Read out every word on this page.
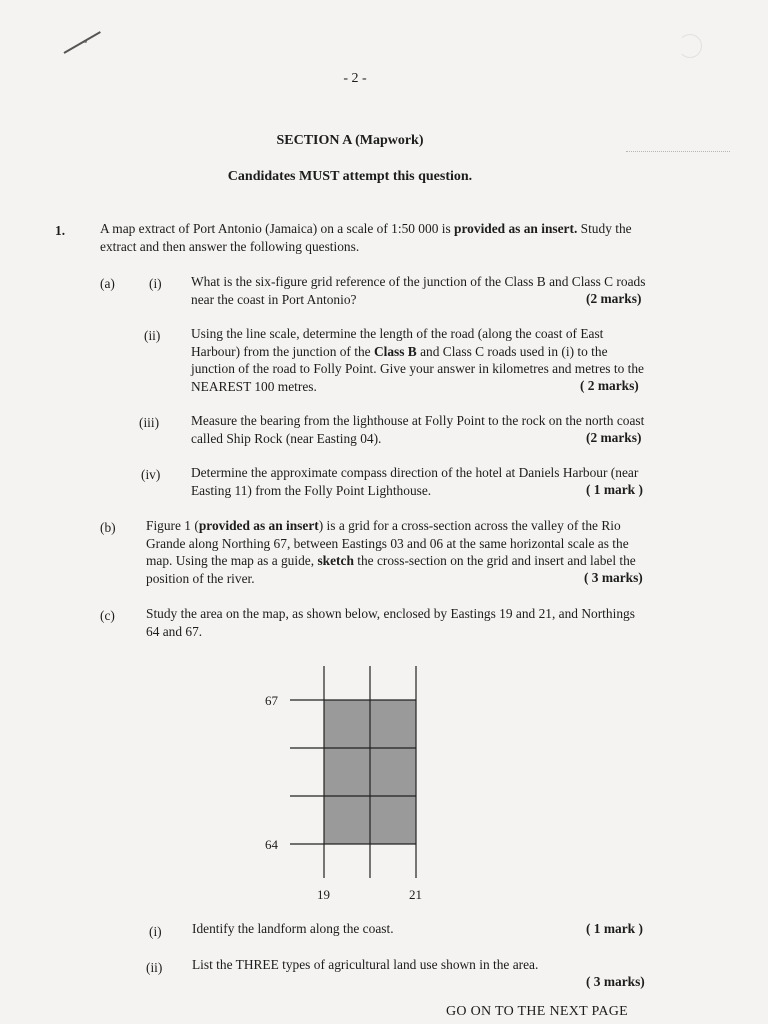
- 2 -
SECTION A (Mapwork)
Candidates MUST attempt this question.
1.	A map extract of Port Antonio (Jamaica) on a scale of 1:50 000 is provided as an insert. Study the extract and then answer the following questions.
(a)	(i) What is the six-figure grid reference of the junction of the Class B and Class C roads near the coast in Port Antonio?	(2 marks)
(ii) Using the line scale, determine the length of the road (along the coast of East Harbour) from the junction of the Class B and Class C roads used in (i) to the junction of the road to Folly Point. Give your answer in kilometres and metres to the NEAREST 100 metres.	( 2 marks)
(iii) Measure the bearing from the lighthouse at Folly Point to the rock on the north coast called Ship Rock (near Easting 04).	(2 marks)
(iv) Determine the approximate compass direction of the hotel at Daniels Harbour (near Easting 11) from the Folly Point Lighthouse.	( 1 mark )
(b) Figure 1 (provided as an insert) is a grid for a cross-section across the valley of the Rio Grande along Northing 67, between Eastings 03 and 06 at the same horizontal scale as the map. Using the map as a guide, sketch the cross-section on the grid and insert and label the position of the river.	( 3 marks)
(c) Study the area on the map, as shown below, enclosed by Eastings 19 and 21, and Northings 64 and 67.
67
64
19	21
(i) Identify the landform along the coast.	( 1 mark )
(ii) List the THREE types of agricultural land use shown in the area.
( 3 marks)
GO ON TO THE NEXT PAGE
